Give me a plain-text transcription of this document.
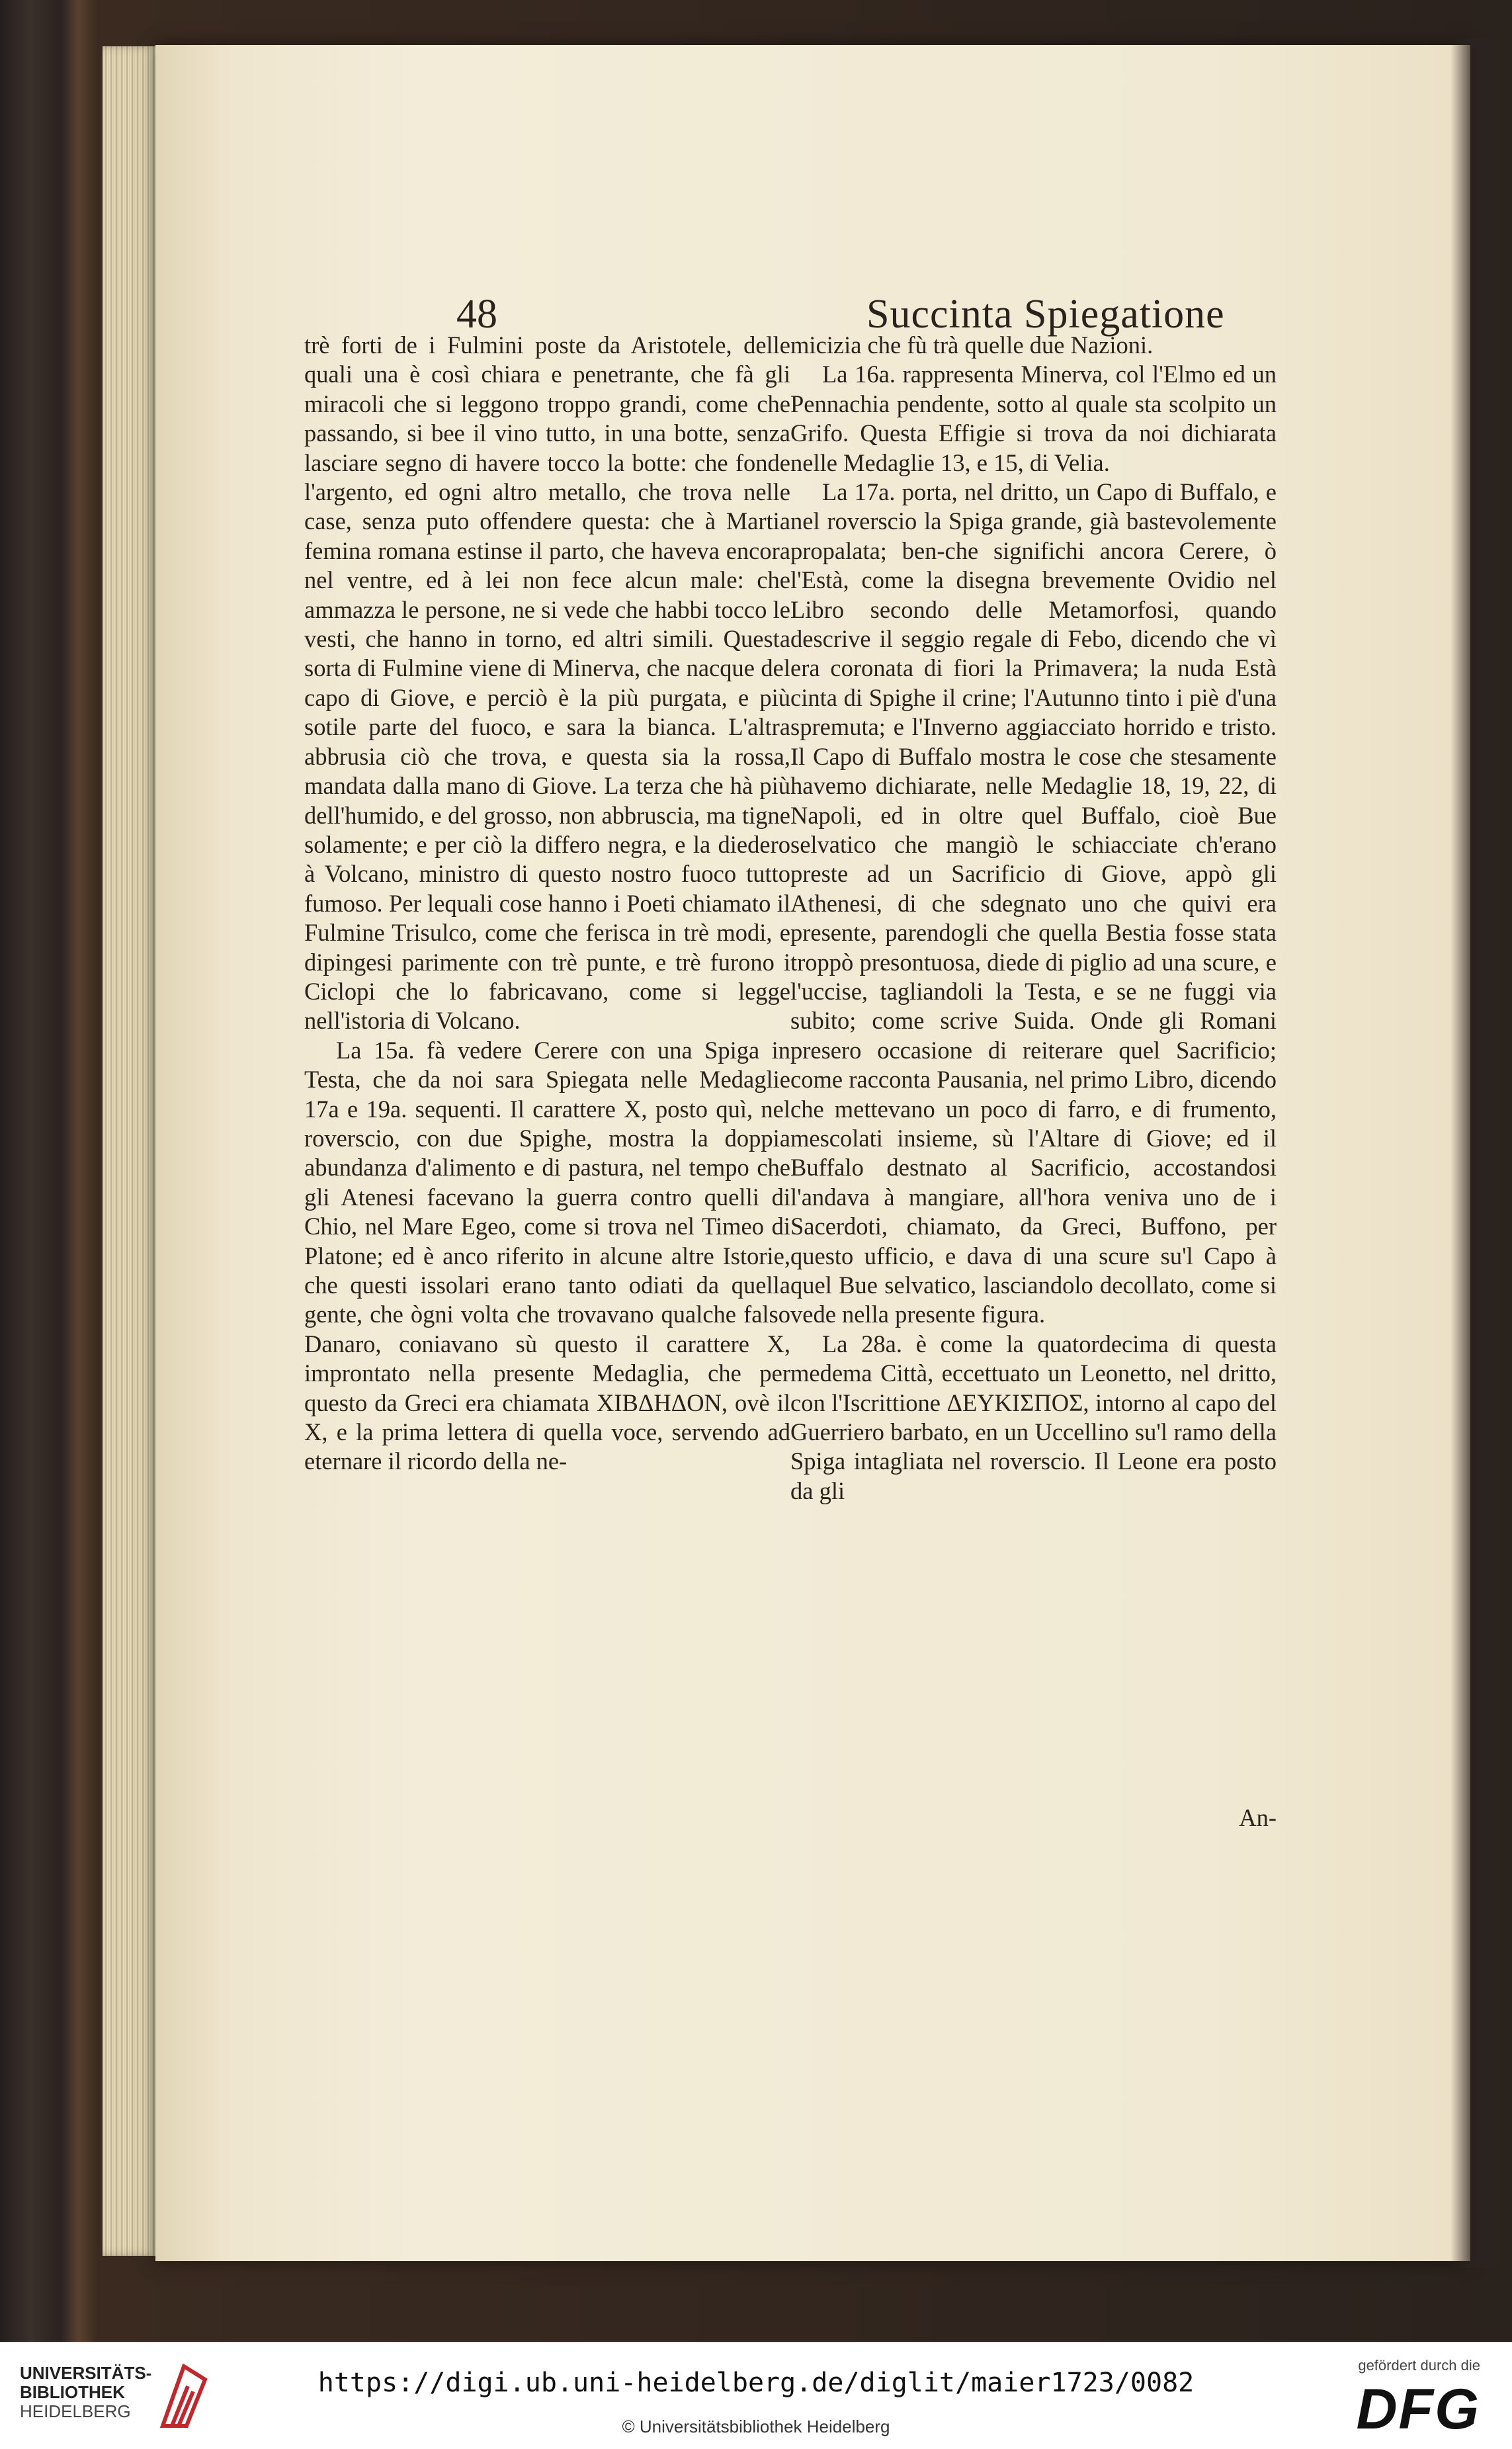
48	Succinta Spiegatione

trè forti de i Fulmini poste da Aristotele, delle quali una è così chiara e penetrante, che fà gli miracoli che si leggono troppo grandi, come che passando, si bee il vino tutto, in una botte, senza lasciare segno di havere tocco la botte: che fonde l'argento, ed ogni altro metallo, che trova nelle case, senza puto offendere questa: che à Martia femina romana estinse il parto, che haveva encora nel ventre, ed à lei non fece alcun male: che ammazza le persone, ne si vede che habbi tocco le vesti, che hanno in torno, ed altri simili. Questa sorta di Fulmine viene di Minerva, che nacque del capo di Giove, e perciò è la più purgata, e più sotile parte del fuoco, e sara la bianca. L'altra abbrusia ciò che trova, e questa sia la rossa, mandata dalla mano di Giove. La terza che hà più dell'humido, e del grosso, non abbruscia, ma tigne solamente; e per ciò la differo negra, e la diedero à Volcano, ministro di questo nostro fuoco tutto fumoso. Per lequali cose hanno i Poeti chiamato il Fulmine Trisulco, come che ferisca in trè modi, e dipingesi parimente con trè punte, e trè furono i Ciclopi che lo fabricavano, come si legge nell'istoria di Volcano.

La 15a. fà vedere Cerere con una Spiga in Testa, che da noi sara Spiegata nelle Medaglie 17a e 19a. sequenti. Il carattere X, posto quì, nel roverscio, con due Spighe, mostra la doppia abundanza d'alimento e di pastura, nel tempo che gli Atenesi facevano la guerra contro quelli di Chio, nel Mare Egeo, come si trova nel Timeo di Platone; ed è anco riferito in alcune altre Istorie, che questi issolari erano tanto odiati da quella gente, che ògni volta che trovavano qualche falso Danaro, coniavano sù questo il carattere X, improntato nella presente Medaglia, che per questo da Greci era chiamata XIBΔHΔON, ovè il X, e la prima lettera di quella voce, servendo ad eternare il ricordo della ne-

micizia che fù trà quelle due Nazioni.

La 16a. rappresenta Minerva, col l'Elmo ed un Pennachia pendente, sotto al quale sta scolpito un Grifo. Questa Effigie si trova da noi dichiarata nelle Medaglie 13, e 15, di Velia.

La 17a. porta, nel dritto, un Capo di Buffalo, e nel roverscio la Spiga grande, già bastevolemente propalata; ben-che significhi ancora Cerere, ò l'Està, come la disegna brevemente Ovidio nel Libro secondo delle Metamorfosi, quando descrive il seggio regale di Febo, dicendo che vì era coronata di fiori la Primavera; la nuda Està cinta di Spighe il crine; l'Autunno tinto i piè d'una spremuta; e l'Inverno aggiacciato horrido e tristo. Il Capo di Buffalo mostra le cose che stesamente havemo dichiarate, nelle Medaglie 18, 19, 22, di Napoli, ed in oltre quel Buffalo, cioè Bue selvatico che mangiò le schiacciate ch'erano preste ad un Sacrificio di Giove, appò gli Athenesi, di che sdegnato uno che quivi era presente, parendogli che quella Bestia fosse stata troppò presontuosa, diede di piglio ad una scure, e l'uccise, tagliandoli la Testa, e se ne fuggi via subito; come scrive Suida. Onde gli Romani presero occasione di reiterare quel Sacrificio; come racconta Pausania, nel primo Libro, dicendo che mettevano un poco di farro, e di frumento, mescolati insieme, sù l'Altare di Giove; ed il Buffalo destnato al Sacrificio, accostandosi l'andava à mangiare, all'hora veniva uno de i Sacerdoti, chiamato, da Greci, Buffono, per questo ufficio, e dava di una scure su'l Capo à quel Bue selvatico, lasciandolo decollato, come si vede nella presente figura.

La 28a. è come la quatordecima di questa medema Città, eccettuato un Leonetto, nel dritto, con l'Iscrittione ΔEYKIΣΠOΣ, intorno al capo del Guerriero barbato, en un Uccellino su'l ramo della Spiga intagliata nel roverscio. Il Leone era posto da gli

An-
UNIVERSITÄTS-
BIBLIOTHEK
HEIDELBERG
https://digi.ub.uni-heidelberg.de/diglit/maier1723/0082
© Universitätsbibliothek Heidelberg
gefördert durch die
DFG
